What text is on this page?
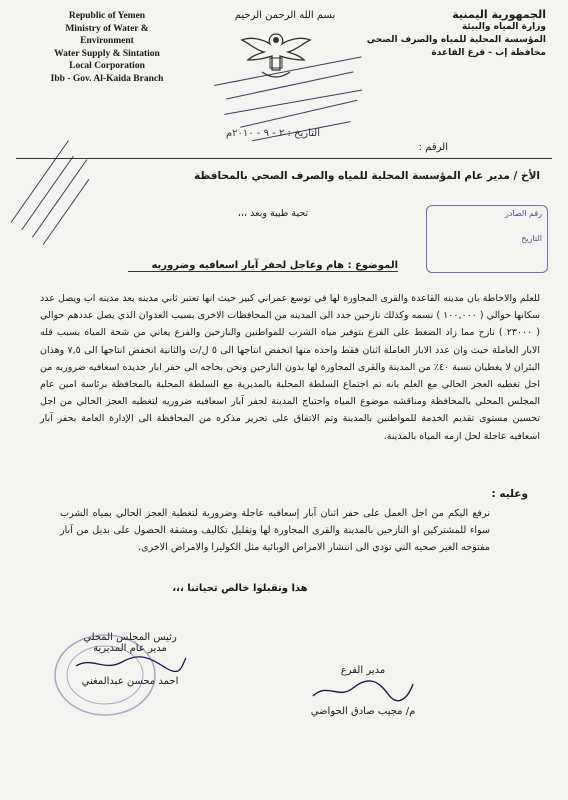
Republic of Yemen
Ministry of Water &
Environment
Water Supply & Sintation
Local Corporation
Ibb - Gov. Al-Kaida Branch
بسم الله الرحمن الرحيم	الجمهورية اليمنية
وزارة المياه والبيئة
المؤسسة المحلية للمياه والصرف الصحي
محافظة إب - فرع القاعدة
الرقم :
التاريخ : ٢ - ٩ - ٢٠١٠م
الأخ / مدير عام المؤسسة المحلية للمياه والصرف الصحي بالمحافظة
تحية طيبة وبعد ،،،	رقم الصادر
التاريخ
الموضوع : هام وعاجل لحفر آبار اسعافيه وضروريه
للعلم والاحاطة بان مدينه القاعدة والقرى المجاورة لها في توسع عمراني كبير حيث انها تعتبر ثاني مدينه بعد مدينه اب ويصل عدد سكانها حوالي ( ١٠٠,٠٠٠ ) نسمه وكذلك نازحين جدد الى المدينه من المحافظات الاخرى بسبب العدوان الذي يصل عددهم حوالي ( ٢٣٠٠٠ ) نازح مما زاد الضغط على الفرع بتوفير مياه الشرب للمواطنين والنازحين والفرع يعاني من شحة المياه بسبب قله الابار العاملة حيث وان عدد الابار العاملة اثنان فقط واحده منها انخفض انتاجها الى ٥ ل/ث والثانية انخفض انتاجها الى ٧,٥ وهذان البئران لا يغطيان نسبة ٤٠٪ من المدينة والقرى المجاورة لها بدون النازحين ونحن بحاجه الى حفر ابار جديده اسعافيه ضروريه من اجل تغطيه العجز الحالي مع العلم بانه تم اجتماع السلطة المحلية بالمديرية مع السلطة المحلية بالمحافظة برئاسة امين عام المجلس المحلي بالمحافظة ومناقشه موضوع المياه واحتياج المدينة لحفر آبار اسعافيه ضروريه لتغطيه العجز الحالي من اجل تحسين مستوى تقديم الخدمة للمواطنين بالمدينة وتم الاتفاق على تحرير مذكره من المحافظة الى الإدارة العامة بحفر آبار اسعافيه عاجلة لحل ازمه المياه بالمدينة.
وعليه :
نرفع اليكم من اجل العمل على حفر اثنان آبار إسعافيه عاجلة وضرورية لتغطية العجز الحالي بمياه الشرب سواء للمشتركين او النازحين بالمدينة والقرى المجاورة لها وتقليل تكاليف ومشقة الحصول على بديل من آبار مفتوحه الغير صحيه التي تودي الى انتشار الامراض الوبائية مثل الكوليرا والامراض الاخرى.
هذا وتقبلوا خالص تحياتنا ،،،
مدير الفرع
م/ مجيب صادق الحواضي
رئيس المجلس المحلي
مدير عام المديرية
احمد محسن عبدالمغني
